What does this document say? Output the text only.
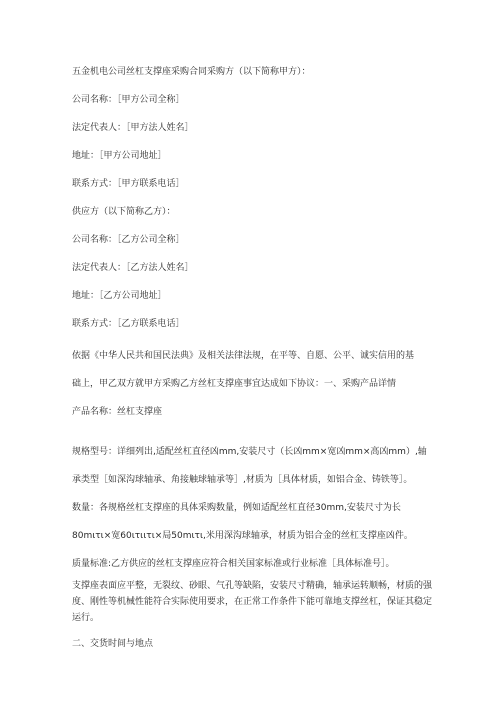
五金机电公司丝杠支撑座采购合同采购方（以下简称甲方）：

公司名称：［甲方公司全称］

法定代表人：［甲方法人姓名］

地址：［甲方公司地址］

联系方式：［甲方联系电话］

供应方（以下简称乙方）：

公司名称：［乙方公司全称］

法定代表人：［乙方法人姓名］

地址：［乙方公司地址］

联系方式：［乙方联系电话］

依据《中华人民共和国民法典》及相关法律法规，在平等、自愿、公平、诚实信用的基

础上，甲乙双方就甲方采购乙方丝杠支撑座事宜达成如下协议：一、采购产品详情

产品名称：丝杠支撑座

规格型号：详细列出,适配丝杠直径凶mm,安装尺寸（长凶mm×宽凶mm×高凶mm）,轴

承类型［如深沟球轴承、角接触球轴承等］,材质为［具体材质，如铝合金、铸铁等］。

数量：各规格丝杠支撑座的具体采购数量，例如适配丝杠直径30mm,安装尺寸为长

80mιτι×宽60ιτιιτι×局50mιτι,米用深沟球轴承，材质为铝合金的丝杠支撑座凶件。

质量标准:乙方供应的丝杠支撑座应符合相关国家标准或行业标准［具体标准号］。

支撑座表面应平整，无裂纹、砂眼、气孔等缺陷，安装尺寸精确，轴承运转顺畅，材质的强度、刚性等机械性能符合实际使用要求，在正常工作条件下能可靠地支撑丝杠，保证其稳定运行。

二、交货时间与地点
